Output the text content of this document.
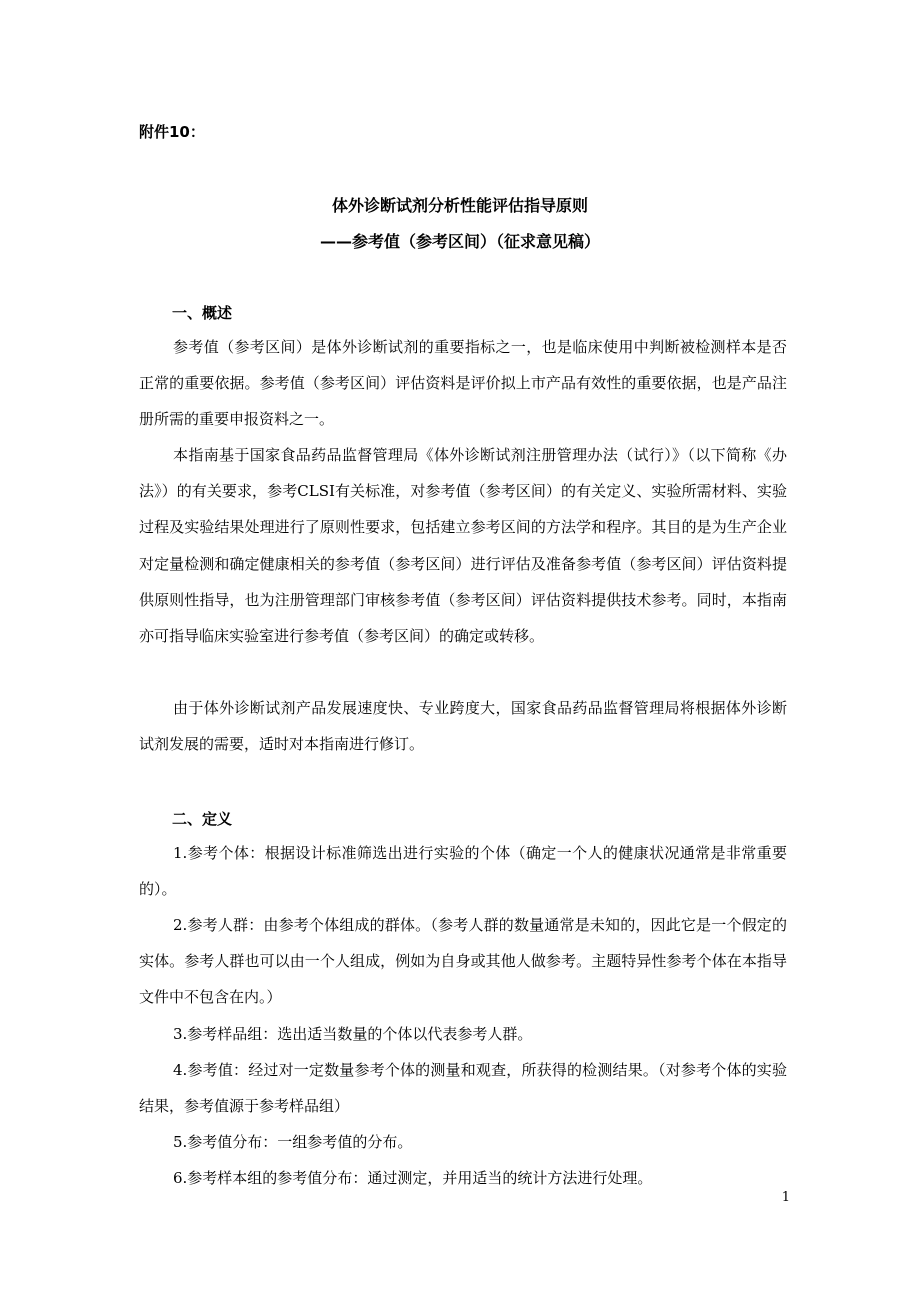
附件10：
体外诊断试剂分析性能评估指导原则
——参考值（参考区间）（征求意见稿）
一、概述

参考值（参考区间）是体外诊断试剂的重要指标之一，也是临床使用中判断被检测样本是否正常的重要依据。参考值（参考区间）评估资料是评价拟上市产品有效性的重要依据，也是产品注册所需的重要申报资料之一。

本指南基于国家食品药品监督管理局《体外诊断试剂注册管理办法（试行）》（以下简称《办法》）的有关要求，参考CLSI有关标准，对参考值（参考区间）的有关定义、实验所需材料、实验过程及实验结果处理进行了原则性要求，包括建立参考区间的方法学和程序。其目的是为生产企业对定量检测和确定健康相关的参考值（参考区间）进行评估及准备参考值（参考区间）评估资料提供原则性指导，也为注册管理部门审核参考值（参考区间）评估资料提供技术参考。同时，本指南亦可指导临床实验室进行参考值（参考区间）的确定或转移。

由于体外诊断试剂产品发展速度快、专业跨度大，国家食品药品监督管理局将根据体外诊断试剂发展的需要，适时对本指南进行修订。

二、定义

1.参考个体：根据设计标准筛选出进行实验的个体（确定一个人的健康状况通常是非常重要的）。

2.参考人群：由参考个体组成的群体。（参考人群的数量通常是未知的，因此它是一个假定的实体。参考人群也可以由一个人组成，例如为自身或其他人做参考。主题特异性参考个体在本指导文件中不包含在内。）

3.参考样品组：选出适当数量的个体以代表参考人群。

4.参考值：经过对一定数量参考个体的测量和观查，所获得的检测结果。（对参考个体的实验结果，参考值源于参考样品组）

5.参考值分布：一组参考值的分布。

6.参考样本组的参考值分布：通过测定，并用适当的统计方法进行处理。

1
